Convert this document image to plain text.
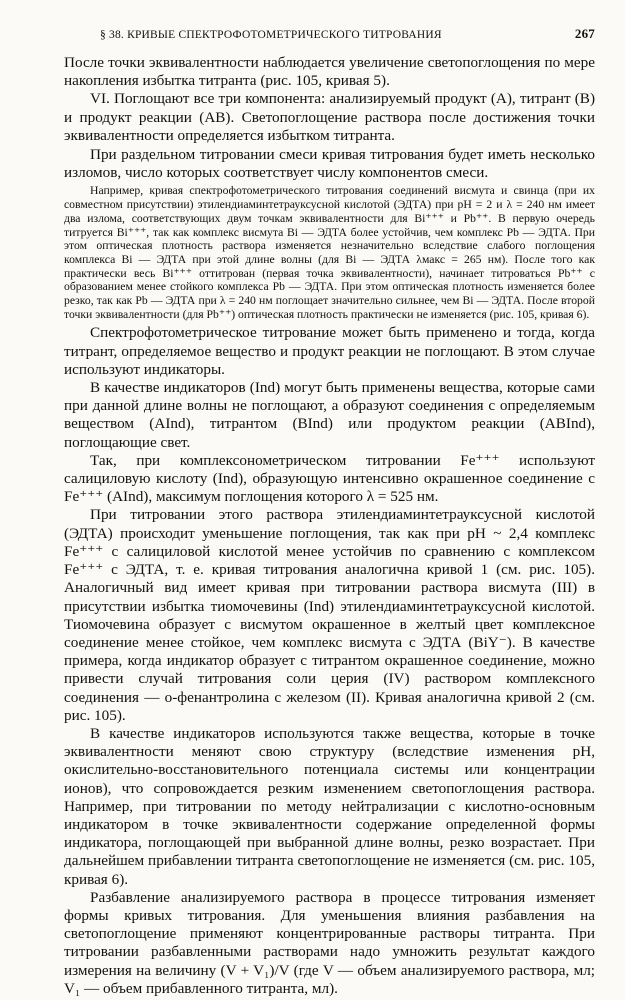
§ 38. КРИВЫЕ СПЕКТРОФОТОМЕТРИЧЕСКОГО ТИТРОВАНИЯ	267

После точки эквивалентности наблюдается увеличение светопоглощения по мере накопления избытка титранта (рис. 105, кривая 5).

VI. Поглощают все три компонента: анализируемый продукт (A), титрант (B) и продукт реакции (AB). Светопоглощение раствора после достижения точки эквивалентности определяется избытком титранта.

При раздельном титровании смеси кривая титрования будет иметь несколько изломов, число которых соответствует числу компонентов смеси.

Например, кривая спектрофотометрического титрования соединений висмута и свинца (при их совместном присутствии) этилендиаминтетрауксусной кислотой (ЭДТА) при pH = 2 и λ = 240 нм имеет два излома, соответствующих двум точкам эквивалентности для Bi⁺⁺⁺ и Pb⁺⁺. В первую очередь титруется Bi⁺⁺⁺, так как комплекс висмута Bi — ЭДТА более устойчив, чем комплекс Pb — ЭДТА. При этом оптическая плотность раствора изменяется незначительно вследствие слабого поглощения комплекса Bi — ЭДТА при этой длине волны (для Bi — ЭДТА λмакс = 265 нм). После того как практически весь Bi⁺⁺⁺ оттитрован (первая точка эквивалентности), начинает титроваться Pb⁺⁺ с образованием менее стойкого комплекса Pb — ЭДТА. При этом оптическая плотность изменяется более резко, так как Pb — ЭДТА при λ = 240 нм поглощает значительно сильнее, чем Bi — ЭДТА. После второй точки эквивалентности (для Pb⁺⁺) оптическая плотность практически не изменяется (рис. 105, кривая 6).

Спектрофотометрическое титрование может быть применено и тогда, когда титрант, определяемое вещество и продукт реакции не поглощают. В этом случае используют индикаторы.

В качестве индикаторов (Ind) могут быть применены вещества, которые сами при данной длине волны не поглощают, а образуют соединения с определяемым веществом (AInd), титрантом (BInd) или продуктом реакции (ABInd), поглощающие свет.

Так, при комплексонометрическом титровании Fe⁺⁺⁺ используют салициловую кислоту (Ind), образующую интенсивно окрашенное соединение с Fe⁺⁺⁺ (AInd), максимум поглощения которого λ = 525 нм.

При титровании этого раствора этилендиаминтетрауксусной кислотой (ЭДТА) происходит уменьшение поглощения, так как при pH ~ 2,4 комплекс Fe⁺⁺⁺ с салициловой кислотой менее устойчив по сравнению с комплексом Fe⁺⁺⁺ с ЭДТА, т. е. кривая титрования аналогична кривой 1 (см. рис. 105). Аналогичный вид имеет кривая при титровании раствора висмута (III) в присутствии избытка тиомочевины (Ind) этилендиаминтетрауксусной кислотой. Тиомочевина образует с висмутом окрашенное в желтый цвет комплексное соединение менее стойкое, чем комплекс висмута с ЭДТА (BiY⁻). В качестве примера, когда индикатор образует с титрантом окрашенное соединение, можно привести случай титрования соли церия (IV) раствором комплексного соединения — о-фенантролина с железом (II). Кривая аналогична кривой 2 (см. рис. 105).

В качестве индикаторов используются также вещества, которые в точке эквивалентности меняют свою структуру (вследствие изменения pH, окислительно-восстановительного потенциала системы или концентрации ионов), что сопровождается резким изменением светопоглощения раствора. Например, при титровании по методу нейтрализации с кислотно-основным индикатором в точке эквивалентности содержание определенной формы индикатора, поглощающей при выбранной длине волны, резко возрастает. При дальнейшем прибавлении титранта светопоглощение не изменяется (см. рис. 105, кривая 6).

Разбавление анализируемого раствора в процессе титрования изменяет формы кривых титрования. Для уменьшения влияния разбавления на светопоглощение применяют концентрированные растворы титранта. При титровании разбавленными растворами надо умножить результат каждого измерения на величину (V + V₁)/V (где V — объем анализируемого раствора, мл; V₁ — объем прибавленного титранта, мл).
